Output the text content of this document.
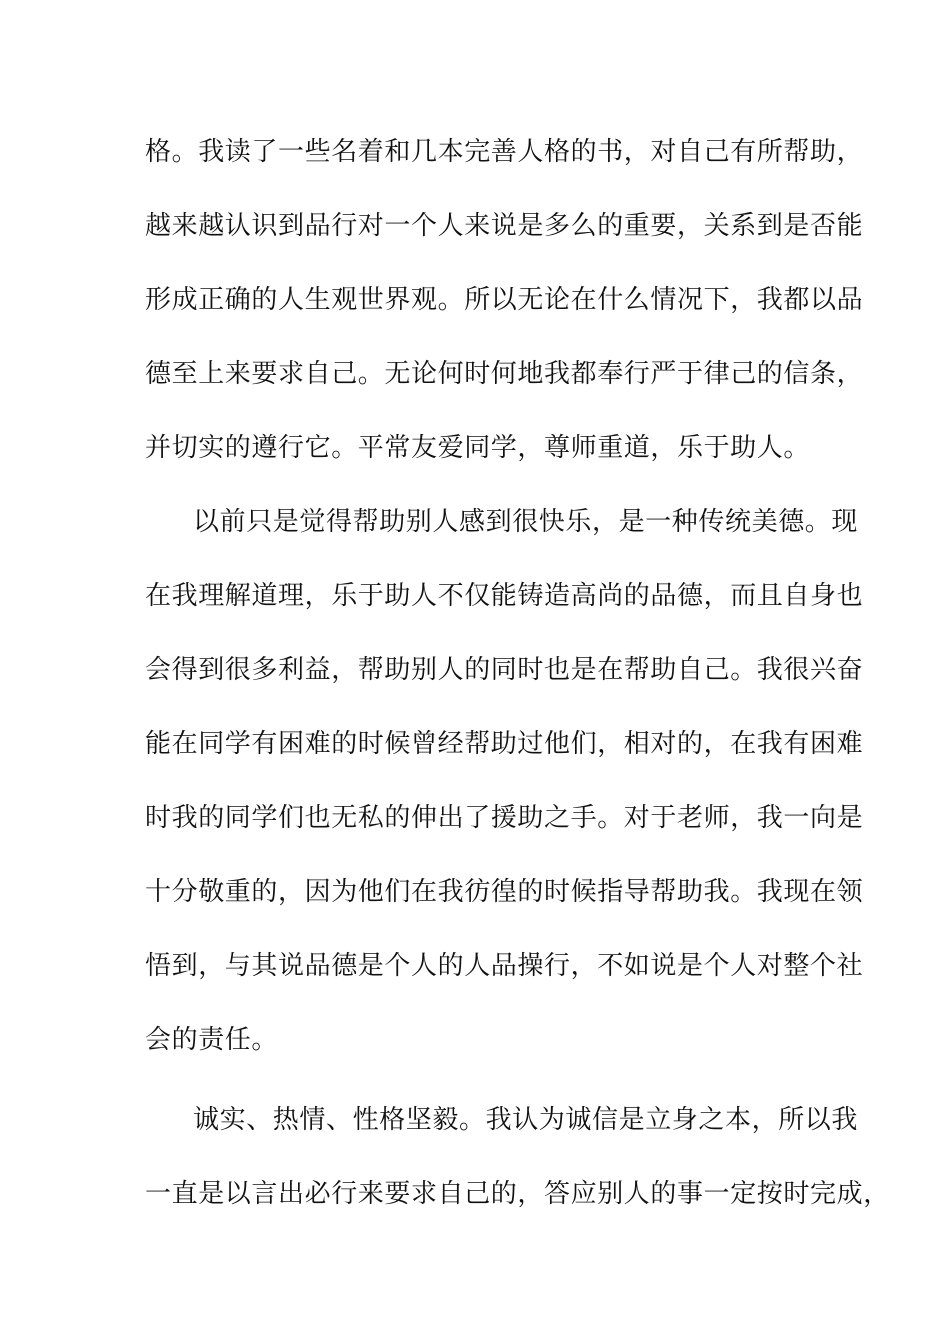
格。我读了一些名着和几本完善人格的书，对自己有所帮助，
越来越认识到品行对一个人来说是多么的重要，关系到是否能
形成正确的人生观世界观。所以无论在什么情况下，我都以品
德至上来要求自己。无论何时何地我都奉行严于律己的信条，
并切实的遵行它。平常友爱同学，尊师重道，乐于助人。
以前只是觉得帮助别人感到很快乐，是一种传统美德。现
在我理解道理，乐于助人不仅能铸造高尚的品德，而且自身也
会得到很多利益，帮助别人的同时也是在帮助自己。我很兴奋
能在同学有困难的时候曾经帮助过他们，相对的，在我有困难
时我的同学们也无私的伸出了援助之手。对于老师，我一向是
十分敬重的，因为他们在我彷徨的时候指导帮助我。我现在领
悟到，与其说品德是个人的人品操行，不如说是个人对整个社
会的责任。
诚实、热情、性格坚毅。我认为诚信是立身之本，所以我
一直是以言出必行来要求自己的，答应别人的事一定按时完成，
